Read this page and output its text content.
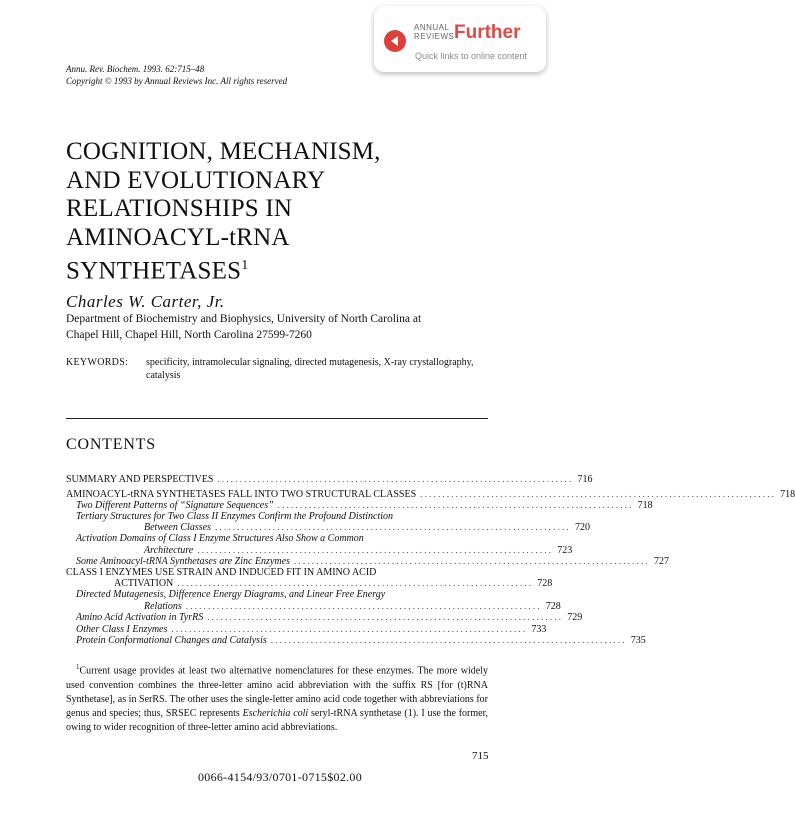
ANNUAL
REVIEWS Further
Quick links to online content
Annu. Rev. Biochem. 1993. 62:715–48
Copyright © 1993 by Annual Reviews Inc. All rights reserved
COGNITION, MECHANISM,
AND EVOLUTIONARY
RELATIONSHIPS IN
AMINOACYL-tRNA
SYNTHETASES$^1$
Charles W. Carter, Jr.
Department of Biochemistry and Biophysics, University of North Carolina at
Chapel Hill, Chapel Hill, North Carolina 27599-7260
KEYWORDS: specificity, intramolecular signaling, directed mutagenesis, X-ray crystallography, catalysis
CONTENTS
SUMMARY AND PERSPECTIVES ................................................................................ 716
AMINOACYL-tRNA SYNTHETASES FALL INTO TWO STRUCTURAL CLASSES ................................................................................ 718
Two Different Patterns of “Signature Sequences” ................................................................................ 718
Tertiary Structures for Two Class II Enzymes Confirm the Profound Distinction
Between Classes ................................................................................ 720
Activation Domains of Class I Enzyme Structures Also Show a Common
Architecture ................................................................................ 723
Some Aminoacyl-tRNA Synthetases are Zinc Enzymes ................................................................................ 727
CLASS I ENZYMES USE STRAIN AND INDUCED FIT IN AMINO ACID
ACTIVATION ................................................................................ 728
Directed Mutagenesis, Difference Energy Diagrams, and Linear Free Energy
Relations ................................................................................ 728
Amino Acid Activation in TyrRS ................................................................................ 729
Other Class I Enzymes ................................................................................ 733
Protein Conformational Changes and Catalysis ................................................................................ 735
$^1$Current usage provides at least two alternative nomenclatures for these enzymes. The more widely used convention combines the three-letter amino acid abbreviation with the suffix RS [for (t)RNA Synthetase], as in SerRS. The other uses the single-letter amino acid code together with abbreviations for genus and species; thus, SRSEC represents Escherichia coli seryl-tRNA synthetase (1). I use the former, owing to wider recognition of three-letter amino acid abbreviations.
715
0066-4154/93/0701-0715$02.00
